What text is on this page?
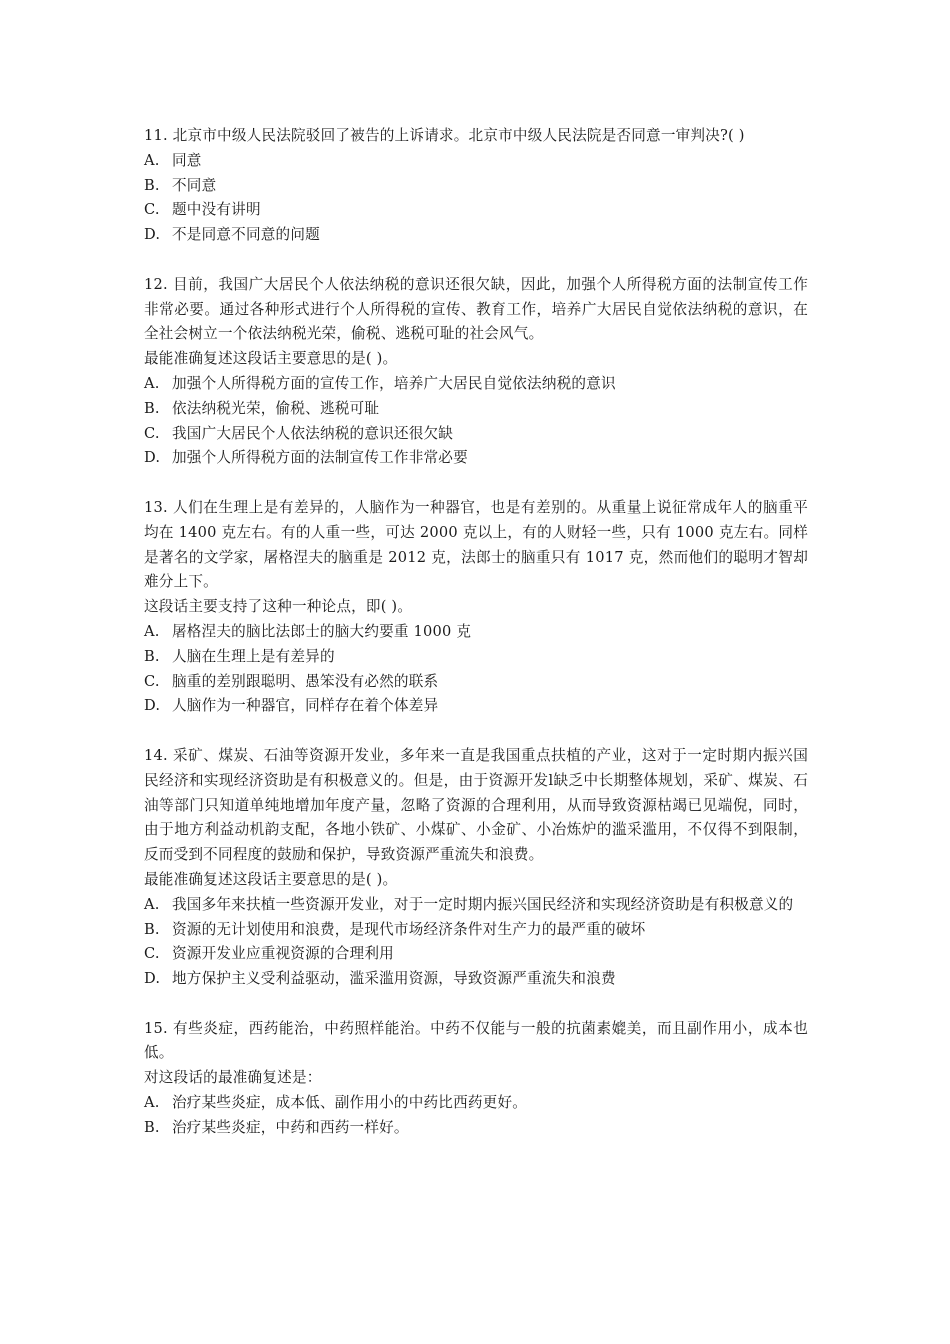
11. 北京市中级人民法院驳回了被告的上诉请求。北京市中级人民法院是否同意一审判决?( )

A. 同意

B. 不同意

C. 题中没有讲明

D. 不是同意不同意的问题

12. 目前，我国广大居民个人依法纳税的意识还很欠缺，因此，加强个人所得税方面的法制宣传工作非常必要。通过各种形式进行个人所得税的宣传、教育工作，培养广大居民自觉依法纳税的意识，在全社会树立一个依法纳税光荣，偷税、逃税可耻的社会风气。

最能准确复述这段话主要意思的是( )。

A. 加强个人所得税方面的宣传工作，培养广大居民自觉依法纳税的意识

B. 依法纳税光荣，偷税、逃税可耻

C. 我国广大居民个人依法纳税的意识还很欠缺

D. 加强个人所得税方面的法制宣传工作非常必要

13. 人们在生理上是有差异的，人脑作为一种器官，也是有差别的。从重量上说征常成年人的脑重平均在 1400 克左右。有的人重一些，可达 2000 克以上，有的人财轻一些，只有 1000 克左右。同样是著名的文学家，屠格涅夫的脑重是 2012 克，法郎士的脑重只有 1017 克，然而他们的聪明才智却难分上下。

这段话主要支持了这种一种论点，即( )。

A. 屠格涅夫的脑比法郎士的脑大约要重 1000 克

B. 人脑在生理上是有差异的

C. 脑重的差别跟聪明、愚笨没有必然的联系

D. 人脑作为一种器官，同样存在着个体差异

14. 采矿、煤炭、石油等资源开发业，多年来一直是我国重点扶植的产业，这对于一定时期内振兴国民经济和实现经济资助是有积极意义的。但是，由于资源开发l缺乏中长期整体规划，采矿、煤炭、石油等部门只知道单纯地增加年度产量，忽略了资源的合理利用，从而导致资源枯竭已见端倪，同时，由于地方利益动机韵支配，各地小铁矿、小煤矿、小金矿、小冶炼炉的滥采滥用，不仅得不到限制，反而受到不同程度的鼓励和保护，导致资源严重流失和浪费。

最能准确复述这段话主要意思的是( )。

A. 我国多年来扶植一些资源开发业，对于一定时期内振兴国民经济和实现经济资助是有积极意义的

B. 资源的无计划使用和浪费，是现代市场经济条件对生产力的最严重的破坏

C. 资源开发业应重视资源的合理利用

D. 地方保护主义受利益驱动，滥采滥用资源，导致资源严重流失和浪费

15. 有些炎症，西药能治，中药照样能治。中药不仅能与一般的抗菌素媲美，而且副作用小，成本也低。

对这段话的最准确复述是：

A. 治疗某些炎症，成本低、副作用小的中药比西药更好。

B. 治疗某些炎症，中药和西药一样好。
